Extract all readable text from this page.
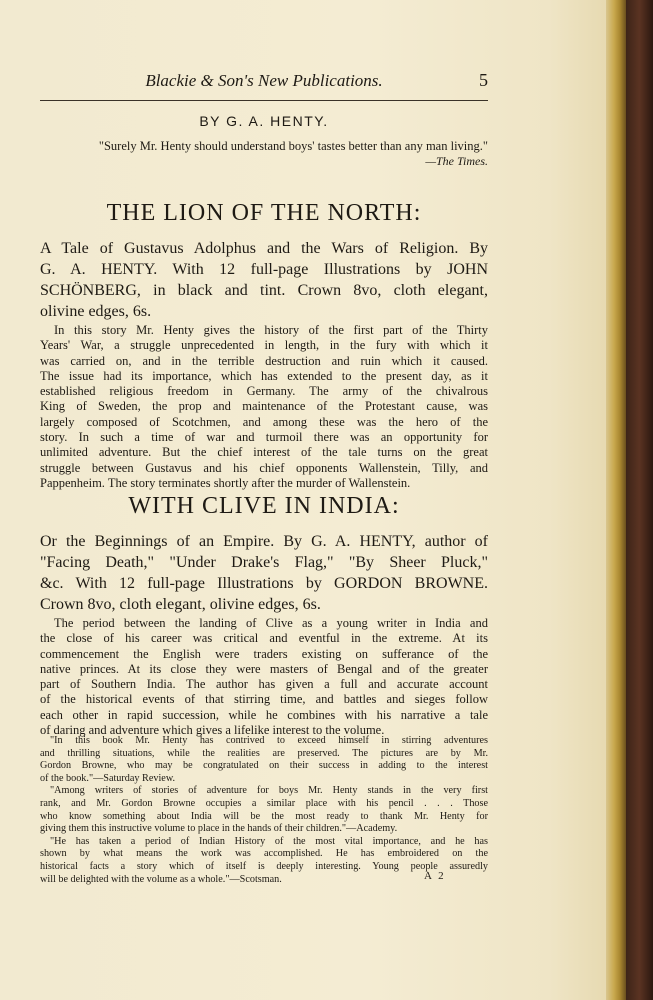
Blackie & Son's New Publications.	5
BY G. A. HENTY.
"Surely Mr. Henty should understand boys' tastes better than any man living."
—The Times.
THE LION OF THE NORTH:
A Tale of Gustavus Adolphus and the Wars of Religion. By
G. A. HENTY. With 12 full-page Illustrations by JOHN
SCHÖNBERG, in black and tint. Crown 8vo, cloth elegant,
olivine edges, 6s.
In this story Mr. Henty gives the history of the first part of the Thirty
Years' War, a struggle unprecedented in length, in the fury with which it
was carried on, and in the terrible destruction and ruin which it caused.
The issue had its importance, which has extended to the present day, as it
established religious freedom in Germany. The army of the chivalrous
King of Sweden, the prop and maintenance of the Protestant cause, was
largely composed of Scotchmen, and among these was the hero of the
story. In such a time of war and turmoil there was an opportunity for
unlimited adventure. But the chief interest of the tale turns on the great
struggle between Gustavus and his chief opponents Wallenstein, Tilly, and
Pappenheim. The story terminates shortly after the murder of Wallenstein.
WITH CLIVE IN INDIA:
Or the Beginnings of an Empire. By G. A. HENTY, author of
"Facing Death," "Under Drake's Flag," "By Sheer Pluck,"
&c. With 12 full-page Illustrations by GORDON BROWNE.
Crown 8vo, cloth elegant, olivine edges, 6s.
The period between the landing of Clive as a young writer in India and
the close of his career was critical and eventful in the extreme. At its
commencement the English were traders existing on sufferance of the
native princes. At its close they were masters of Bengal and of the greater
part of Southern India. The author has given a full and accurate account
of the historical events of that stirring time, and battles and sieges follow
each other in rapid succession, while he combines with his narrative a tale
of daring and adventure which gives a lifelike interest to the volume.
"In this book Mr. Henty has contrived to exceed himself in stirring adventures
and thrilling situations, while the realities are preserved. The pictures are by Mr.
Gordon Browne, who may be congratulated on their success in adding to the interest
of the book."—Saturday Review.
"Among writers of stories of adventure for boys Mr. Henty stands in the very first
rank, and Mr. Gordon Browne occupies a similar place with his pencil . . . Those
who know something about India will be the most ready to thank Mr. Henty for
giving them this instructive volume to place in the hands of their children."—Academy.
"He has taken a period of Indian History of the most vital importance, and he has
shown by what means the work was accomplished. He has embroidered on the
historical facts a story which of itself is deeply interesting. Young people assuredly
will be delighted with the volume as a whole."—Scotsman.	A 2
